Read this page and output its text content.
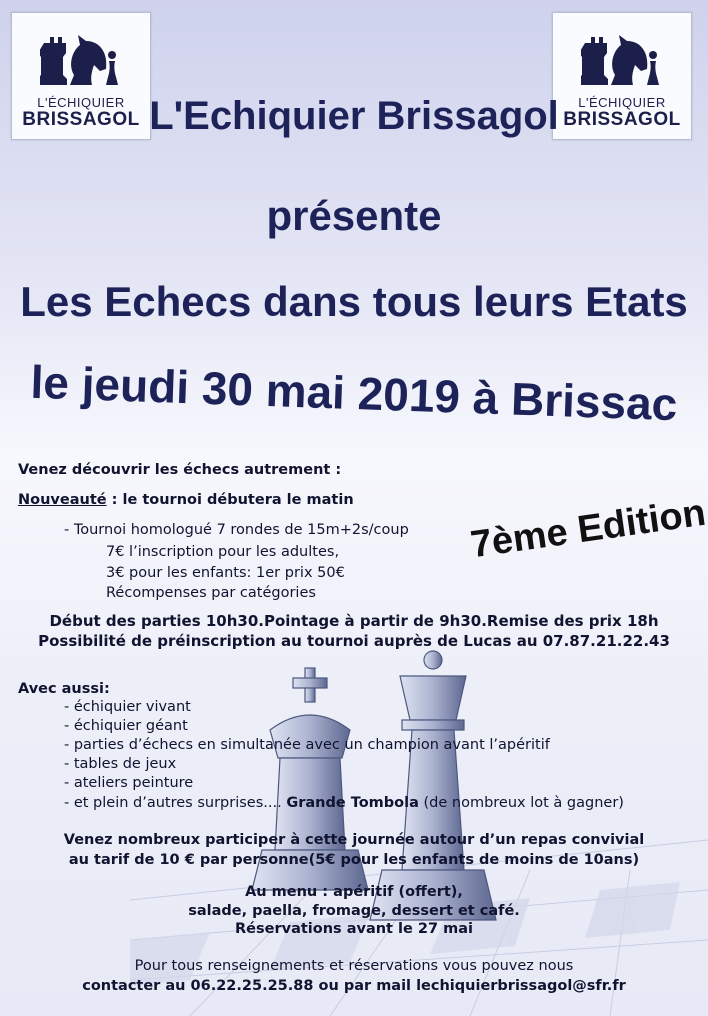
L'ÉCHIQUIER
BRISSAGOL
L'ÉCHIQUIER
BRISSAGOL
L'Echiquier Brissagol
présente
Les Echecs dans tous leurs Etats
le jeudi 30 mai 2019 à Brissac
Venez découvrir les échecs autrement :
Nouveauté : le tournoi débutera le matin
- Tournoi homologué 7 rondes de 15m+2s/coup
7€ l’inscription pour les adultes,
3€ pour les enfants: 1er prix 50€
Récompenses par catégories
7ème Edition
Début des parties 10h30.Pointage à partir de 9h30.Remise des prix 18h
Possibilité de préinscription au tournoi auprès de Lucas au 07.87.21.22.43
Avec aussi:
- échiquier vivant
- échiquier géant
- parties d’échecs en simultanée avec un champion avant l’apéritif
- tables de jeux
- ateliers peinture
- et plein d’autres surprises.... Grande Tombola (de nombreux lot à gagner)
Venez nombreux participer à cette journée autour d’un repas convivial
au tarif de 10 € par personne(5€ pour les enfants de moins de 10ans)
Au menu : apéritif (offert),
salade, paella, fromage, dessert et café.
Réservations avant le 27 mai
Pour tous renseignements et réservations vous pouvez nous
contacter au 06.22.25.25.88 ou par mail lechiquierbrissagol@sfr.fr
